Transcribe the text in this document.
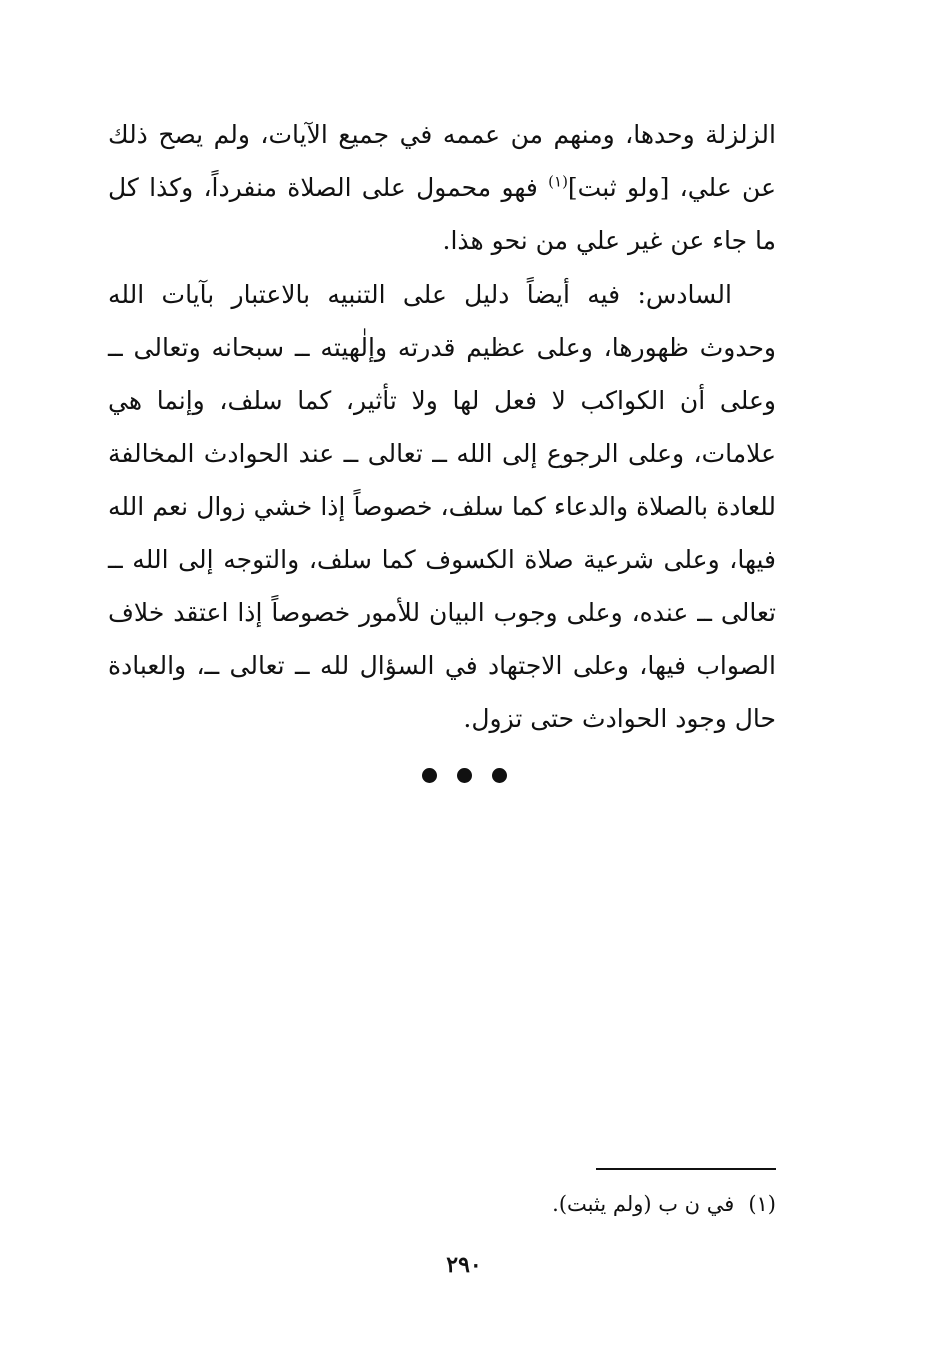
الزلزلة وحدها، ومنهم من عممه في جميع الآيات، ولم يصح ذلك عن علي، [ولو ثبت]$^{(١)}$ فهو محمول على الصلاة منفرداً، وكذا كل ما جاء عن غير علي من نحو هذا.

السادس: فيه أيضاً دليل على التنبيه بالاعتبار بآيات الله وحدوث ظهورها، وعلى عظيم قدرته وإلٰهيته ــ سبحانه وتعالى ــ وعلى أن الكواكب لا فعل لها ولا تأثير، كما سلف، وإنما هي علامات، وعلى الرجوع إلى الله ــ تعالى ــ عند الحوادث المخالفة للعادة بالصلاة والدعاء كما سلف، خصوصاً إذا خشي زوال نعم الله فيها، وعلى شرعية صلاة الكسوف كما سلف، والتوجه إلى الله ــ تعالى ــ عنده، وعلى وجوب البيان للأمور خصوصاً إذا اعتقد خلاف الصواب فيها، وعلى الاجتهاد في السؤال لله ــ تعالى ــ، والعبادة حال وجود الحوادث حتى تزول.

(١)في ن ب (ولم يثبت).
٢٩٠
